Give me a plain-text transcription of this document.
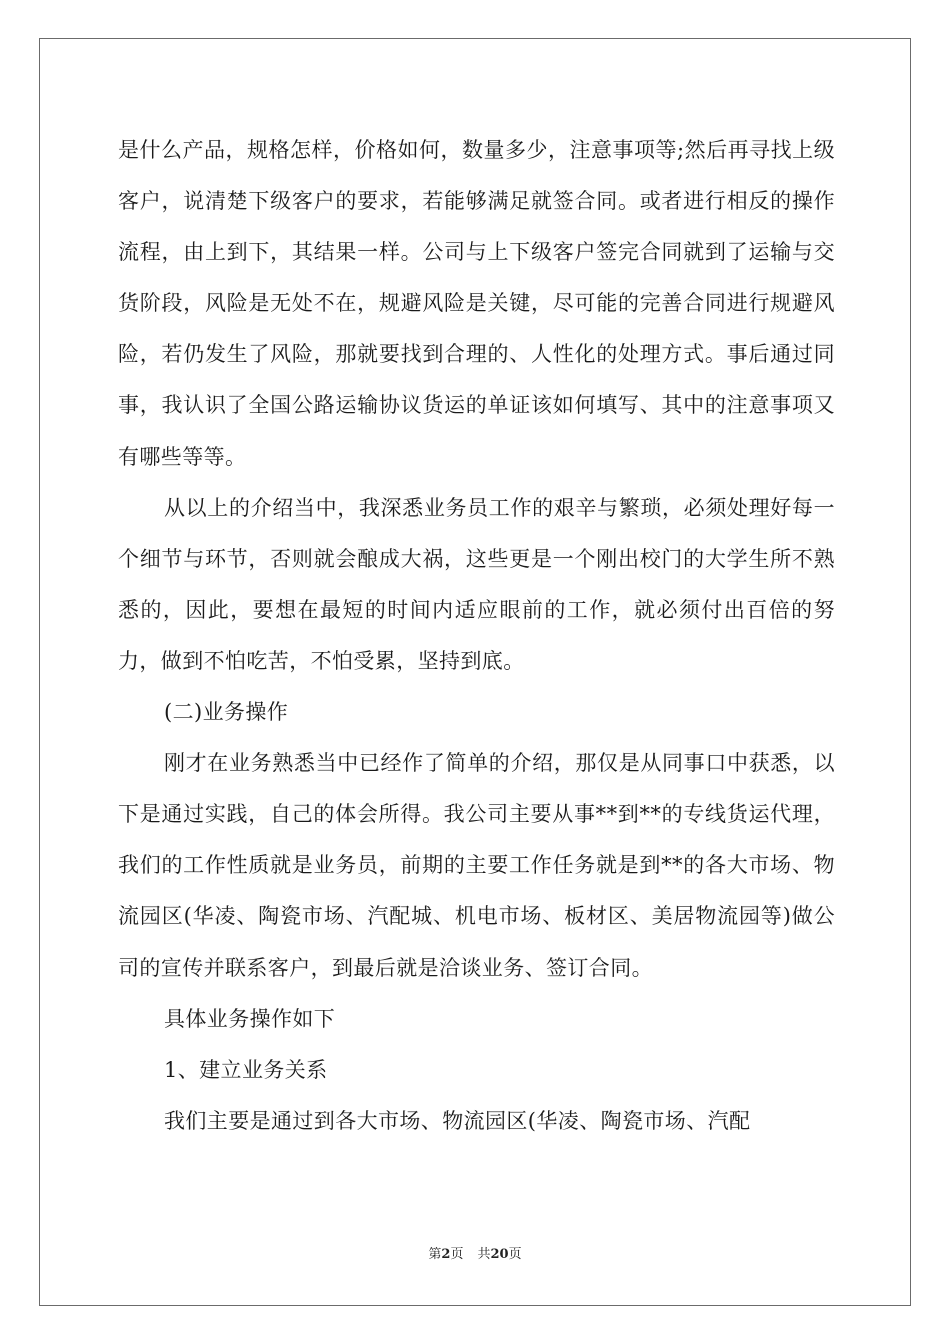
是什么产品，规格怎样，价格如何，数量多少，注意事项等;然后再寻找上级客户，说清楚下级客户的要求，若能够满足就签合同。或者进行相反的操作流程，由上到下，其结果一样。公司与上下级客户签完合同就到了运输与交货阶段，风险是无处不在，规避风险是关键，尽可能的完善合同进行规避风险，若仍发生了风险，那就要找到合理的、人性化的处理方式。事后通过同事，我认识了全国公路运输协议货运的单证该如何填写、其中的注意事项又有哪些等等。

从以上的介绍当中，我深悉业务员工作的艰辛与繁琐，必须处理好每一个细节与环节，否则就会酿成大祸，这些更是一个刚出校门的大学生所不熟悉的，因此，要想在最短的时间内适应眼前的工作，就必须付出百倍的努力，做到不怕吃苦，不怕受累，坚持到底。

(二)业务操作

刚才在业务熟悉当中已经作了简单的介绍，那仅是从同事口中获悉，以下是通过实践，自己的体会所得。我公司主要从事**到**的专线货运代理，我们的工作性质就是业务员，前期的主要工作任务就是到**的各大市场、物流园区(华凌、陶瓷市场、汽配城、机电市场、板材区、美居物流园等)做公司的宣传并联系客户，到最后就是洽谈业务、签订合同。

具体业务操作如下

1、建立业务关系

我们主要是通过到各大市场、物流园区(华凌、陶瓷市场、汽配

第2页 共20页
